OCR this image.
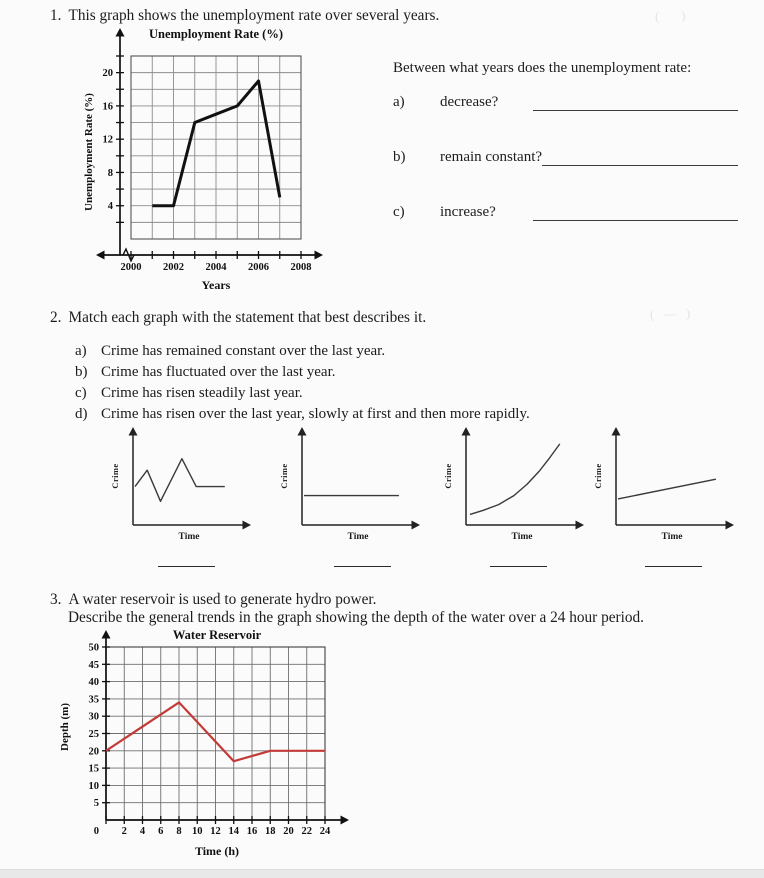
(   )
( — )
1. This graph shows the unemployment rate over several years.
Unemployment Rate (%)
Unemployment Rate (%)
Years
4
8
12
16
20
2000 2002 2004 2006 2008
Between what years does the unemployment rate:
a)	decrease?
b)	remain constant?
c)	increase?
2. Match each graph with the statement that best describes it.
a) Crime has remained constant over the last year.
b) Crime has fluctuated over the last year.
c) Crime has risen steadily last year.
d) Crime has risen over the last year, slowly at first and then more rapidly.
Crime
Time
Crime
Time
Crime
Time
Crime
Time
3. A water reservoir is used to generate hydro power.
Describe the general trends in the graph showing the depth of the water over a 24 hour period.
Water Reservoir
Depth (m)
Time (h)
5
10
15
20
25
30
35
40
45
50
2 4 6 8 10 12 14 16 18 20 22 24
0
